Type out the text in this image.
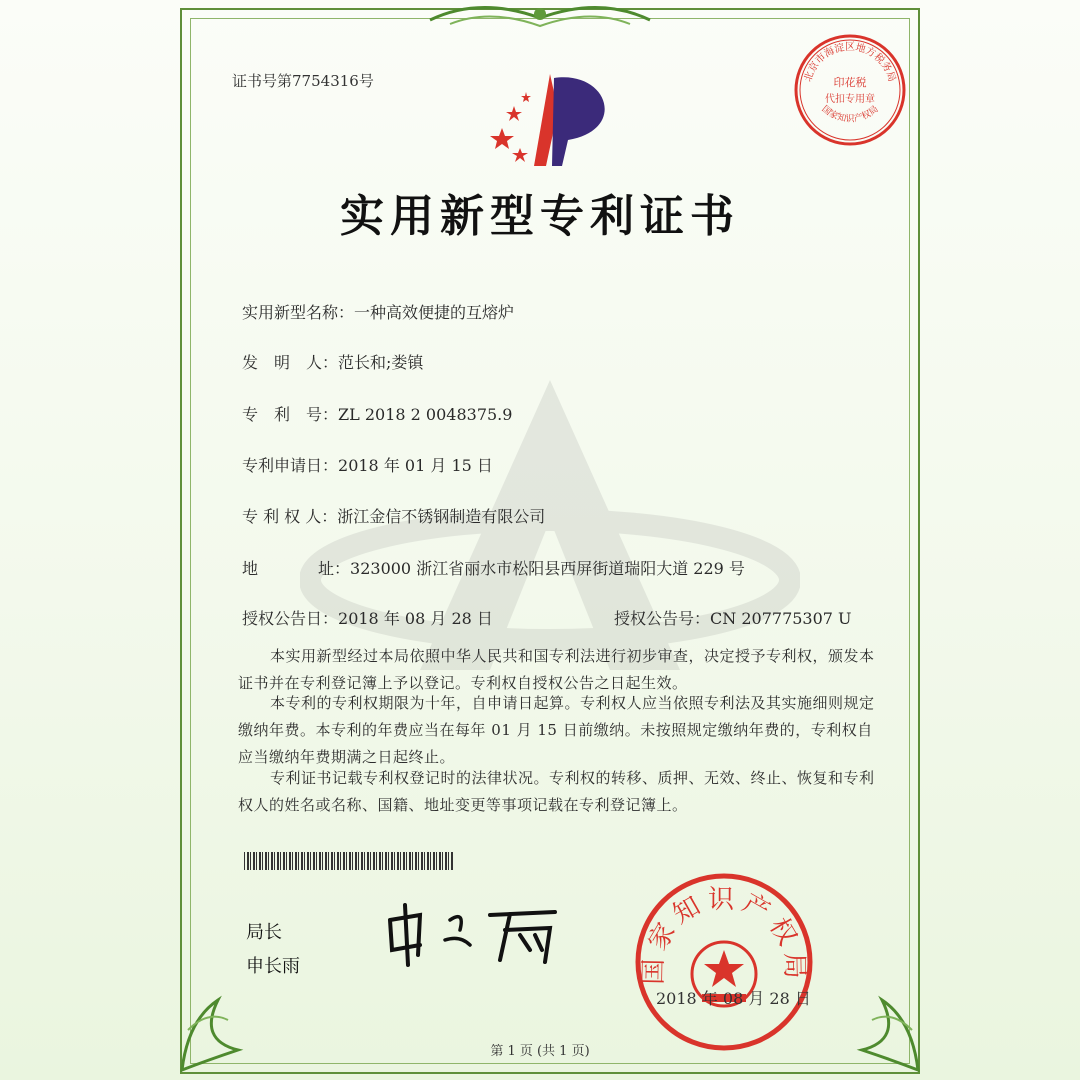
证书号第7754316号	北京市海淀区地方税务局
印花税
代扣专用章
国家知识产权局
实用新型专利证书
实用新型名称：一种高效便捷的互熔炉
发　明　人：范长和;娄镇
专　利　号：ZL 2018 2 0048375.9
专利申请日：2018 年 01 月 15 日
专 利 权 人：浙江金信不锈钢制造有限公司
地	址：323000 浙江省丽水市松阳县西屏街道瑞阳大道 229 号
授权公告日：2018 年 08 月 28 日	授权公告号：CN 207775307 U
本实用新型经过本局依照中华人民共和国专利法进行初步审查，决定授予专利权，颁发本证书并在专利登记簿上予以登记。专利权自授权公告之日起生效。
本专利的专利权期限为十年，自申请日起算。专利权人应当依照专利法及其实施细则规定缴纳年费。本专利的年费应当在每年 01 月 15 日前缴纳。未按照规定缴纳年费的，专利权自应当缴纳年费期满之日起终止。
专利证书记载专利权登记时的法律状况。专利权的转移、质押、无效、终止、恢复和专利权人的姓名或名称、国籍、地址变更等事项记载在专利登记簿上。
局长
申长雨	国家知识产权局
2018 年 08 月 28 日
第 1 页 (共 1 页)
